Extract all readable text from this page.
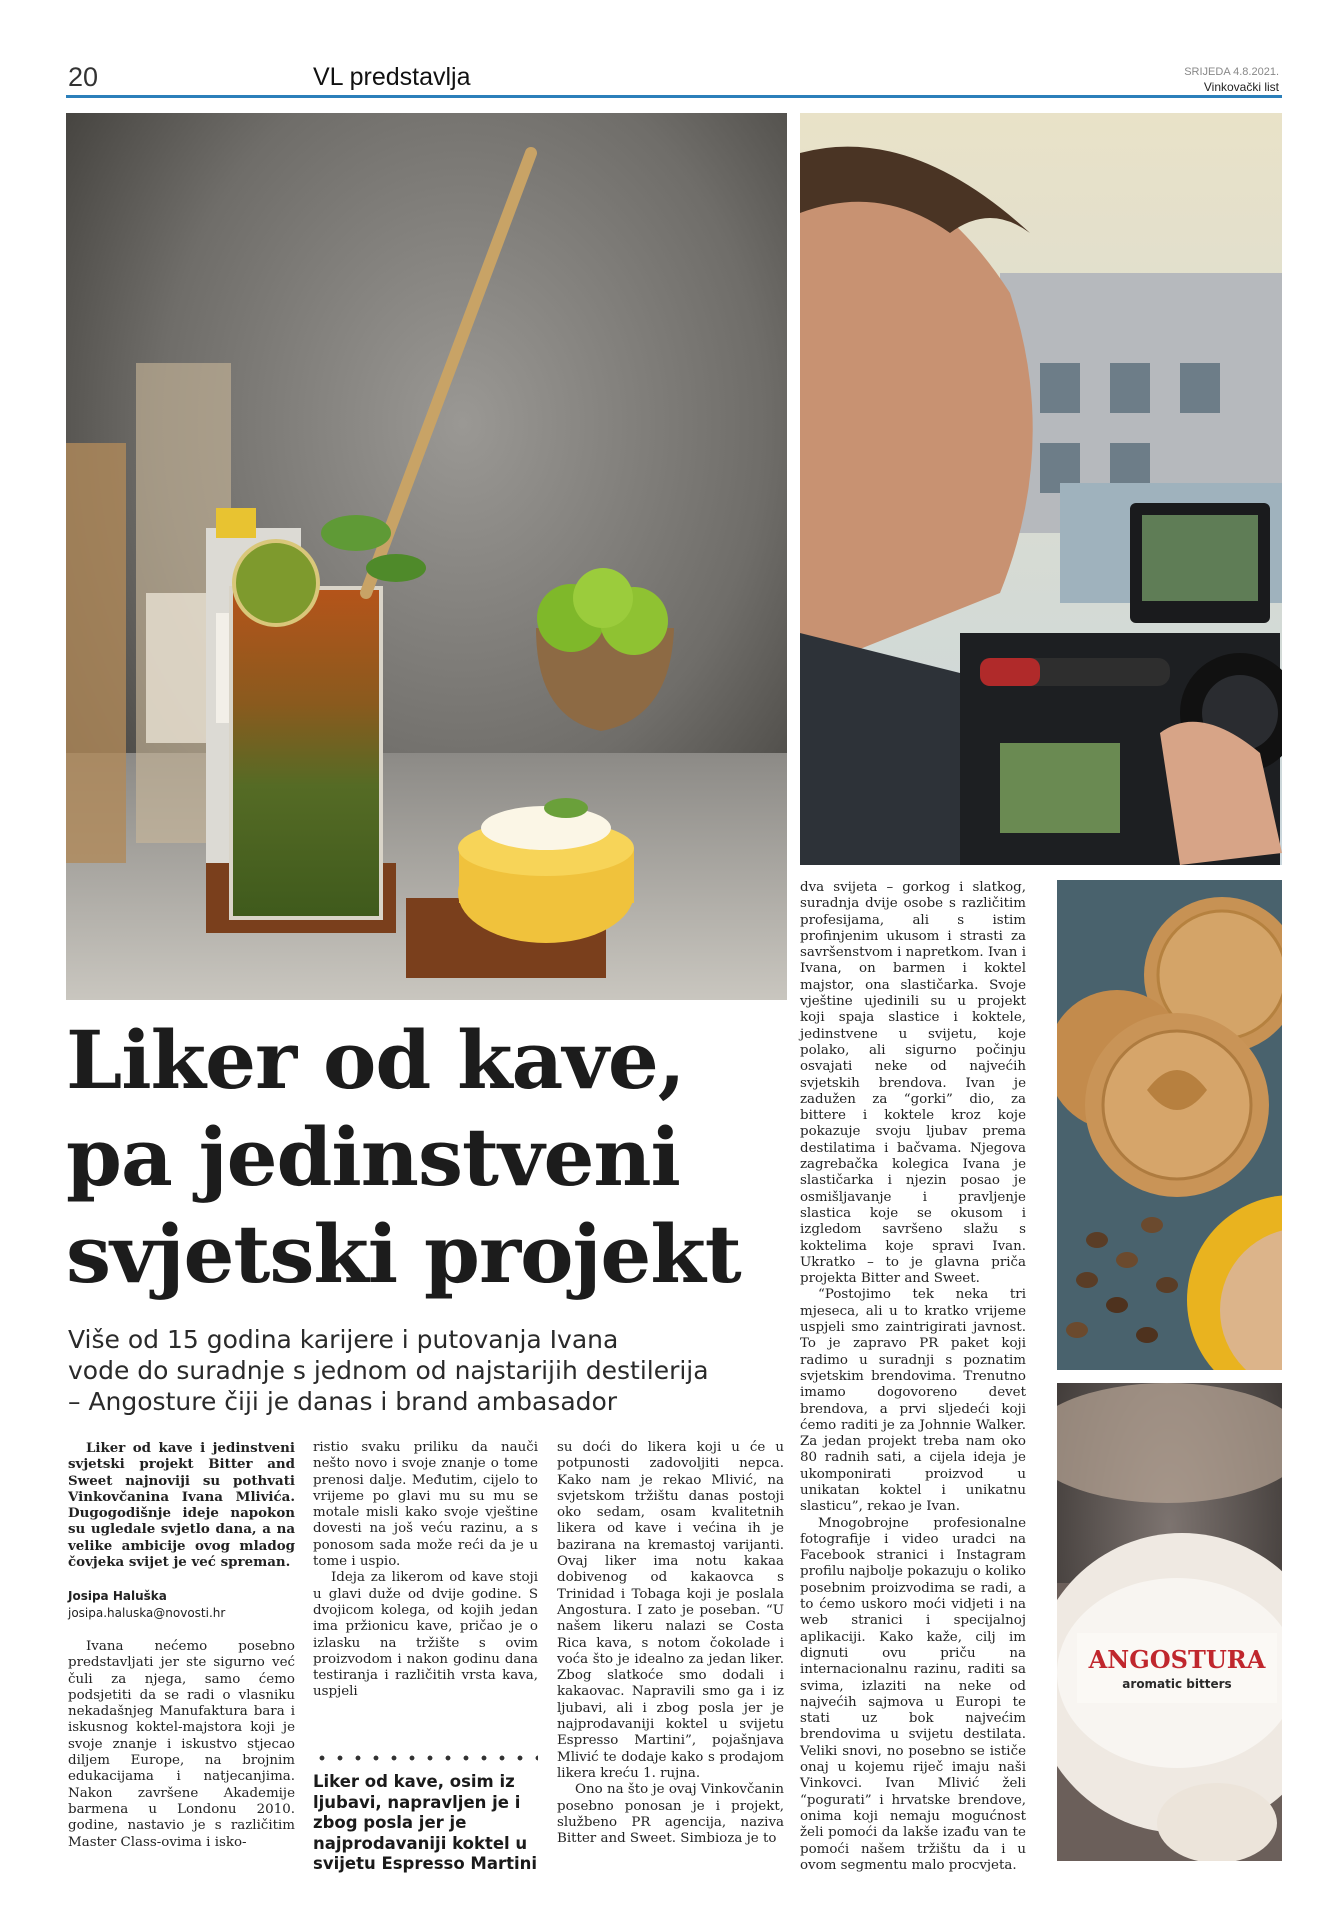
20	VL predstavlja	SRIJEDA 4.8.2021.
Vinkovački list
ANGOSTURA
aromatic bitters
Liker od kave,
pa jedinstveni
svjetski projekt
Više od 15 godina karijere i putovanja Ivana
vode do suradnje s jednom od najstarijih destilerija
– Angosture čiji je danas i brand ambasador

Liker od kave i jedinstveni svjetski projekt Bitter and Sweet najnoviji su pothvati Vinkovčanina Ivana Mlivića. Dugogodišnje ideje napokon su ugledale svjetlo dana, a na velike ambicije ovog mladog čovjeka svijet je već spreman.

Josipa Haluška
josipa.haluska@novosti.hr

Ivana nećemo posebno predstavljati jer ste sigurno već čuli za njega, samo ćemo podsjetiti da se radi o vlasniku nekadašnjeg Manufaktura bara i iskusnog koktel-majstora koji je svoje znanje i iskustvo stjecao diljem Europe, na brojnim edukacijama i natjecanjima. Nakon završene Akademije barmena u Londonu 2010. godine, nastavio je s različitim Master Class-ovima i isko-

ristio svaku priliku da nauči nešto novo i svoje znanje o tome prenosi dalje. Međutim, cijelo to vrijeme po glavi mu su mu se motale misli kako svoje vještine dovesti na još veću razinu, a s ponosom sada može reći da je u tome i uspio.

Ideja za likerom od kave stoji u glavi duže od dvije godine. S dvojicom kolega, od kojih jedan ima pržionicu kave, pričao je o izlasku na tržište s ovim proizvodom i nakon godinu dana testiranja i različitih vrsta kava, uspjeli

Liker od kave, osim iz ljubavi, napravljen je i zbog posla jer je najprodavaniji koktel u svijetu Espresso Martini

su doći do likera koji u će u potpunosti zadovoljiti nepca. Kako nam je rekao Mlivić, na svjetskom tržištu danas postoji oko sedam, osam kvalitetnih likera od kave i većina ih je bazirana na kremastoj varijanti. Ovaj liker ima notu kakaa dobivenog od kakaovca s Trinidad i Tobaga koji je poslala Angostura. I zato je poseban. “U našem likeru nalazi se Costa Rica kava, s notom čokolade i voća što je idealno za jedan liker. Zbog slatkoće smo dodali i kakaovac. Napravili smo ga i iz ljubavi, ali i zbog posla jer je najprodavaniji koktel u svijetu Espresso Martini”, pojašnjava Mlivić te dodaje kako s prodajom likera kreću 1. rujna.

Ono na što je ovaj Vinkovčanin posebno ponosan je i projekt, službeno PR agencija, naziva Bitter and Sweet. Simbioza je to

dva svijeta – gorkog i slatkog, suradnja dvije osobe s različitim profesijama, ali s istim profinjenim ukusom i strasti za savršenstvom i napretkom. Ivan i Ivana, on barmen i koktel majstor, ona slastičarka. Svoje vještine ujedinili su u projekt koji spaja slastice i koktele, jedinstvene u svijetu, koje polako, ali sigurno počinju osvajati neke od najvećih svjetskih brendova. Ivan je zadužen za “gorki” dio, za bittere i koktele kroz koje pokazuje svoju ljubav prema destilatima i bačvama. Njegova zagrebačka kolegica Ivana je slastičarka i njezin posao je osmišljavanje i pravljenje slastica koje se okusom i izgledom savršeno slažu s koktelima koje spravi Ivan. Ukratko – to je glavna priča projekta Bitter and Sweet.

“Postojimo tek neka tri mjeseca, ali u to kratko vrijeme uspjeli smo zaintrigirati javnost. To je zapravo PR paket koji radimo u suradnji s poznatim svjetskim brendovima. Trenutno imamo dogovoreno devet brendova, a prvi sljedeći koji ćemo raditi je za Johnnie Walker. Za jedan projekt treba nam oko 80 radnih sati, a cijela ideja je ukomponirati proizvod u unikatan koktel i unikatnu slasticu”, rekao je Ivan.

Mnogobrojne profesionalne fotografije i video uradci na Facebook stranici i Instagram profilu najbolje pokazuju o koliko posebnim proizvodima se radi, a to ćemo uskoro moći vidjeti i na web stranici i specijalnoj aplikaciji. Kako kaže, cilj im dignuti ovu priču na internacionalnu razinu, raditi sa svima, izlaziti na neke od najvećih sajmova u Europi te stati uz bok najvećim brendovima u svijetu destilata. Veliki snovi, no posebno se ističe onaj u kojemu riječ imaju naši Vinkovci. Ivan Mlivić želi “pogurati” i hrvatske brendove, onima koji nemaju mogućnost želi pomoći da lakše izađu van te pomoći našem tržištu da i u ovom segmentu malo procvjeta.
